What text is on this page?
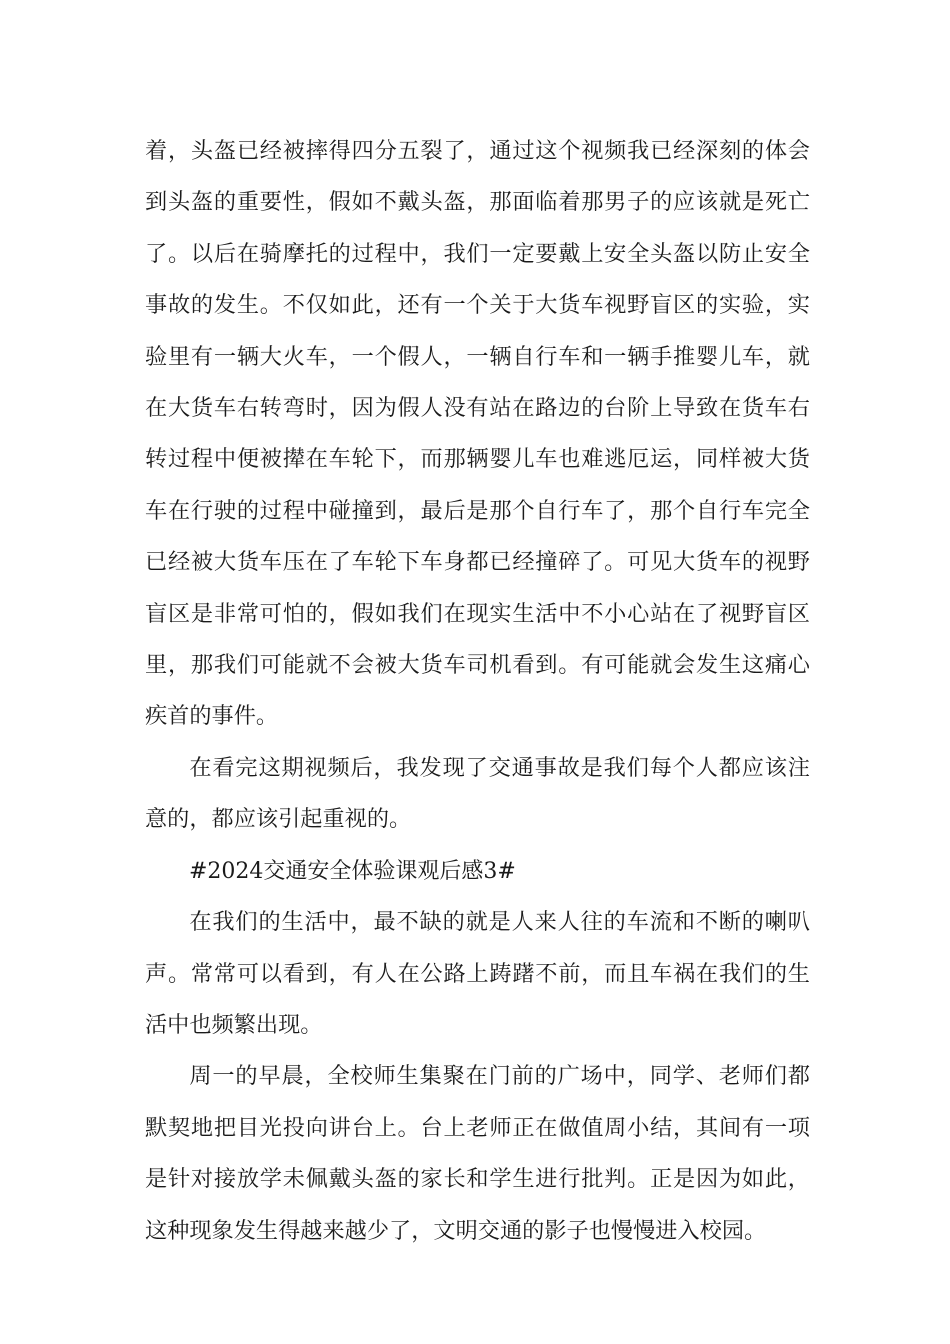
着，头盔已经被摔得四分五裂了，通过这个视频我已经深刻的体会到头盔的重要性，假如不戴头盔，那面临着那男子的应该就是死亡了。以后在骑摩托的过程中，我们一定要戴上安全头盔以防止安全事故的发生。不仅如此，还有一个关于大货车视野盲区的实验，实验里有一辆大火车，一个假人，一辆自行车和一辆手推婴儿车，就在大货车右转弯时，因为假人没有站在路边的台阶上导致在货车右转过程中便被撵在车轮下，而那辆婴儿车也难逃厄运，同样被大货车在行驶的过程中碰撞到，最后是那个自行车了，那个自行车完全已经被大货车压在了车轮下车身都已经撞碎了。可见大货车的视野盲区是非常可怕的，假如我们在现实生活中不小心站在了视野盲区里，那我们可能就不会被大货车司机看到。有可能就会发生这痛心疾首的事件。

在看完这期视频后，我发现了交通事故是我们每个人都应该注意的，都应该引起重视的。

#2024交通安全体验课观后感3#

在我们的生活中，最不缺的就是人来人往的车流和不断的喇叭声。常常可以看到，有人在公路上踌躇不前，而且车祸在我们的生活中也频繁出现。

周一的早晨，全校师生集聚在门前的广场中，同学、老师们都默契地把目光投向讲台上。台上老师正在做值周小结，其间有一项是针对接放学未佩戴头盔的家长和学生进行批判。正是因为如此，这种现象发生得越来越少了，文明交通的影子也慢慢进入校园。
